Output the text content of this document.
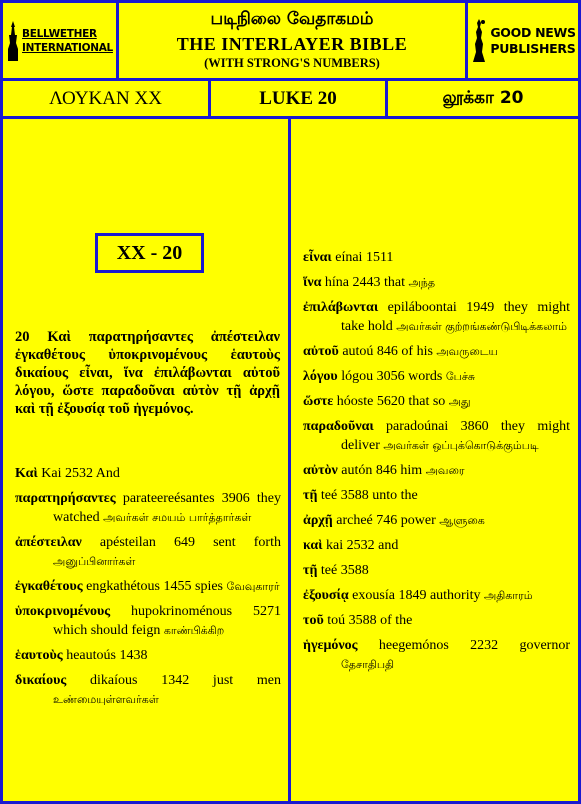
BELLWETHER
INTERNATIONAL
படிநிலை வேதாகமம்
THE INTERLAYER BIBLE
(WITH STRONG'S NUMBERS)
GOOD NEWS
PUBLISHERS
ΛΟΥΚΑΝ XX	LUKE 20	லூக்கா 20
XX - 20
20 Καὶ παρατηρήσαντες ἀπέστειλαν ἐγκαθέτους ὑποκρινομένους ἑαυτοὺς δικαίους εἶναι, ἵνα ἐπιλάβωνται αὐτοῦ λόγου, ὥστε παραδοῦναι αὐτὸν τῇ ἀρχῇ καὶ τῇ ἐξουσίᾳ τοῦ ἡγεμόνος.
Καὶ Kai 2532 And
παρατηρήσαντες parateereésantes 3906 they watched அவர்கள் சமயம் பார்த்தார்கள்
ἀπέστειλαν apésteilan 649 sent forth அனுப்பினார்கள்
ἐγκαθέτους engkathétous 1455 spies வேவுகாரர்
ὑποκρινομένους hupokrinoménous 5271 which should feign காண்பிக்கிற
ἑαυτοὺς heautoús 1438
δικαίους dikaíous 1342 just men உண்மையுள்ளவர்கள்
εἶναι eínai 1511
ἵνα hína 2443 that அந்த
ἐπιλάβωνται epiláboontai 1949 they might take hold அவர்கள் குற்றங்கண்டுபிடிக்கலாம்
αὐτοῦ autoú 846 of his அவருடைய
λόγου lógou 3056 words பேச்சு
ὥστε hóoste 5620 that so அது
παραδοῦναι paradoúnai 3860 they might deliver அவர்கள் ஒப்புக்கொடுக்கும்படி
αὐτὸν autón 846 him அவரை
τῇ teé 3588 unto the
ἀρχῇ archeé 746 power ஆளுகை
καὶ kai 2532 and
τῇ teé 3588
ἐξουσίᾳ exousía 1849 authority அதிகாரம்
τοῦ toú 3588 of the
ἡγεμόνος heegemónos 2232 governor தேசாதிபதி
